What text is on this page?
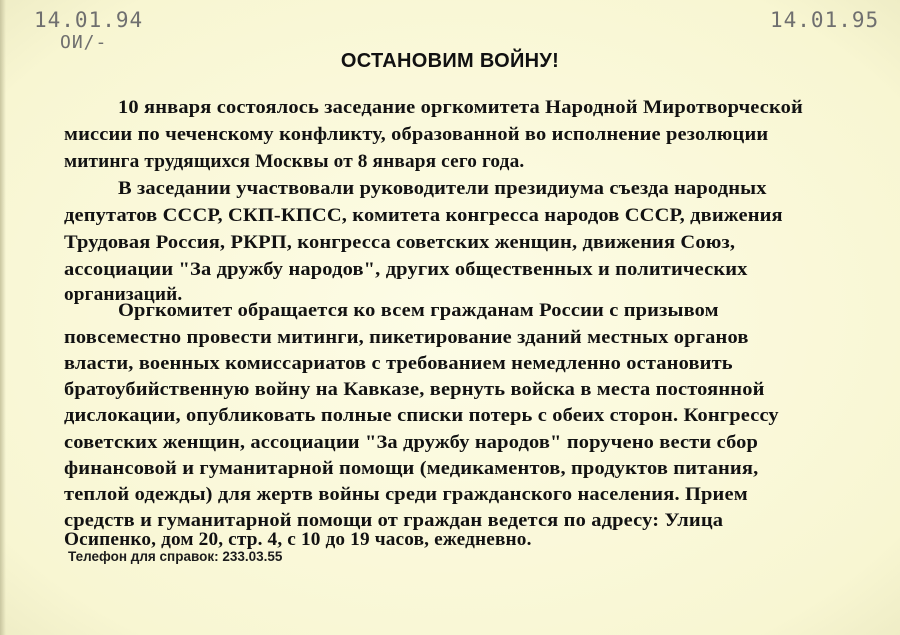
14.01.94
ОИ/-
14.01.95
ОСТАНОВИМ ВОЙНУ!
10 января состоялось заседание оргкомитета Народной Миротворческой
миссии по чеченскому конфликту, образованной во исполнение резолюции
митинга трудящихся Москвы от 8 января сего года.
В заседании участвовали руководители президиума съезда народных
депутатов СССР, СКП-КПСС, комитета конгресса народов СССР, движения
Трудовая Россия, РКРП, конгресса советских женщин, движения Союз,
ассоциации "За дружбу народов", других общественных и политических
организаций.
Оргкомитет обращается ко всем гражданам России с призывом
повсеместно провести митинги, пикетирование зданий местных органов
власти, военных комиссариатов с требованием немедленно остановить
братоубийственную войну на Кавказе, вернуть войска в места постоянной
дислокации, опубликовать полные списки потерь с обеих сторон. Конгрессу
советских женщин, ассоциации "За дружбу народов" поручено вести сбор
финансовой и гуманитарной помощи (медикаментов, продуктов питания,
теплой одежды) для жертв войны среди гражданского населения. Прием
средств и гуманитарной помощи от граждан ведется по адресу: Улица
Осипенко, дом 20, стр. 4, с 10 до 19 часов, ежедневно.
Телефон для справок: 233.03.55
